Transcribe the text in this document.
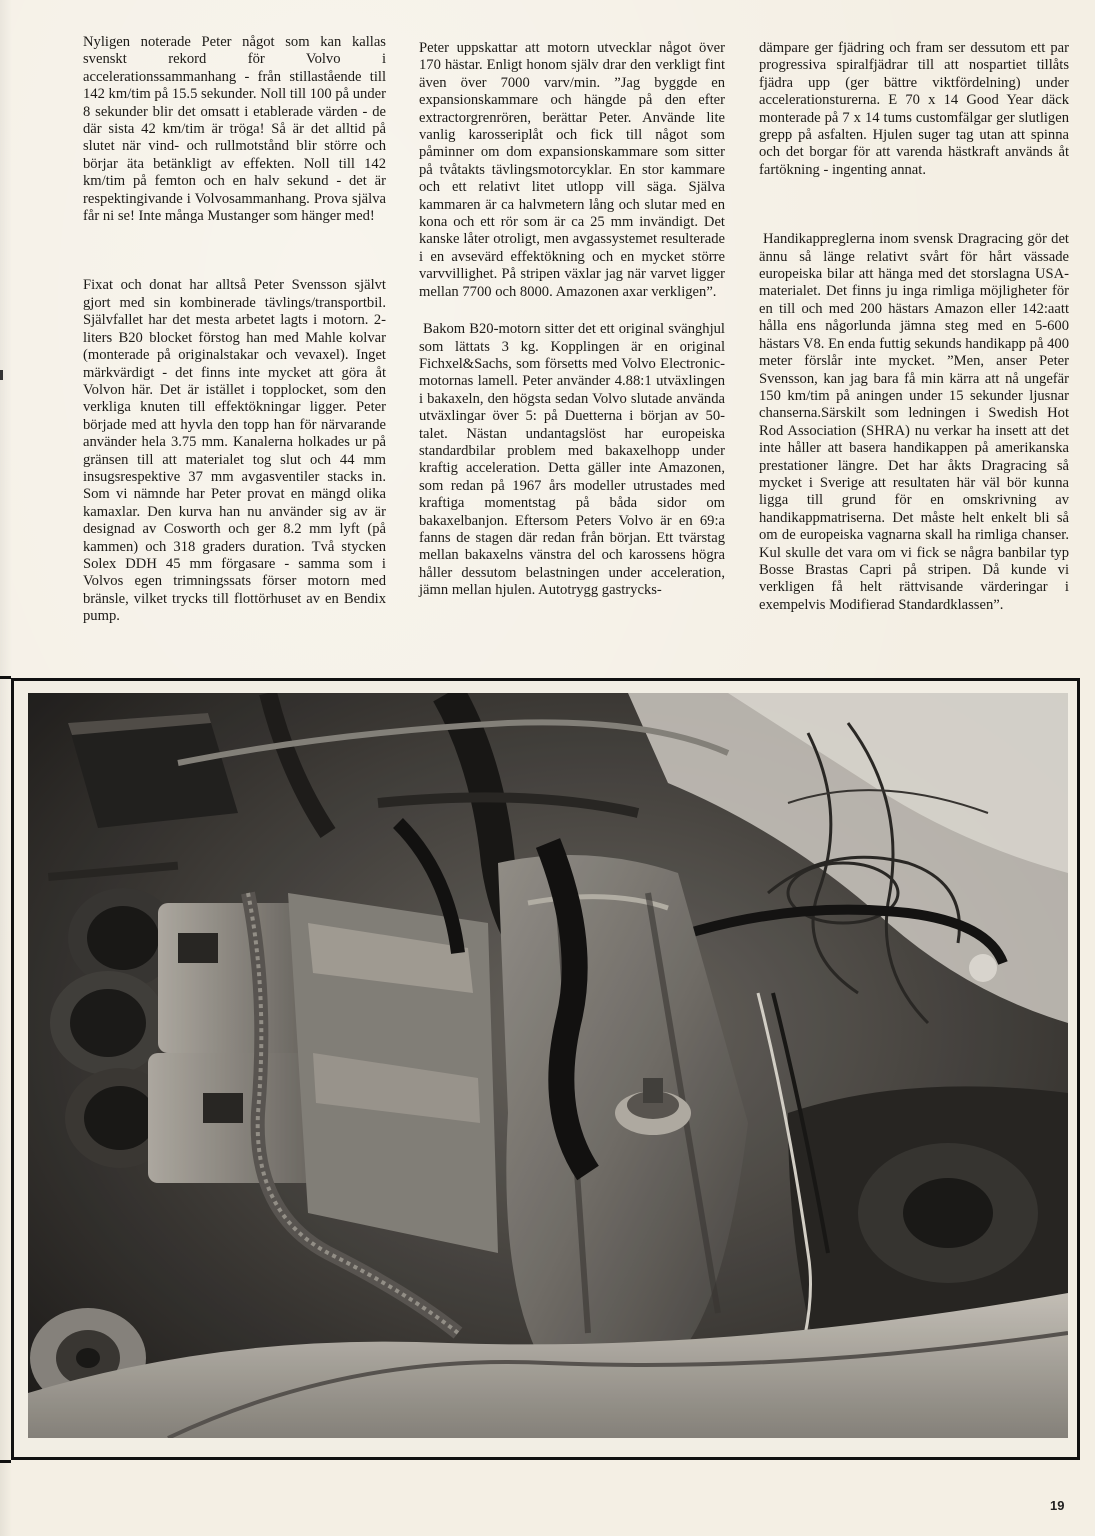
Nyligen noterade Peter något som kan kallas svenskt rekord för Volvo i accelerationssammanhang - från stillastående till 142 km/tim på 15.5 sekunder. Noll till 100 på under 8 sekunder blir det omsatt i etablerade värden - de där sista 42 km/tim är tröga! Så är det alltid på slutet när vind- och rullmotstånd blir större och börjar äta betänkligt av effekten. Noll till 142 km/tim på femton och en halv sekund - det är respektingivande i Volvosammanhang. Prova själva får ni se! Inte många Mustanger som hänger med!

Fixat och donat har alltså Peter Svensson självt gjort med sin kombinerade tävlings/transportbil. Självfallet har det mesta arbetet lagts i motorn. 2-liters B20 blocket förstog han med Mahle kolvar (monterade på originalstakar och vevaxel). Inget märkvärdigt - det finns inte mycket att göra åt Volvon här. Det är istället i topplocket, som den verkliga knuten till effektökningar ligger. Peter började med att hyvla den topp han för närvarande använder hela 3.75 mm. Kanalerna holkades ur på gränsen till att materialet tog slut och 44 mm insugsrespektive 37 mm avgasventiler stacks in. Som vi nämnde har Peter provat en mängd olika kamaxlar. Den kurva han nu använder sig av är designad av Cosworth och ger 8.2 mm lyft (på kammen) och 318 graders duration. Två stycken Solex DDH 45 mm förgasare - samma som i Volvos egen trimningssats förser motorn med bränsle, vilket trycks till flottörhuset av en Bendix pump.

Peter uppskattar att motorn utvecklar något över 170 hästar. Enligt honom själv drar den verkligt fint även över 7000 varv/min. ”Jag byggde en expansionskammare och hängde på den efter extractorgrenrören, berättar Peter. Använde lite vanlig karosseriplåt och fick till något som påminner om dom expansionskammare som sitter på tvåtakts tävlingsmotorcyklar. En stor kammare och ett relativt litet utlopp vill säga. Själva kammaren är ca halvmetern lång och slutar med en kona och ett rör som är ca 25 mm invändigt. Det kanske låter otroligt, men avgassystemet resulterade i en avsevärd effektökning och en mycket större varvvillighet. På stripen växlar jag när varvet ligger mellan 7700 och 8000. Amazonen axar verkligen”.

Bakom B20-motorn sitter det ett original svänghjul som lättats 3 kg. Kopplingen är en original Fichxel&Sachs, som försetts med Volvo Electronic-motornas lamell. Peter använder 4.88:1 utväxlingen i bakaxeln, den högsta sedan Volvo slutade använda utväxlingar över 5: på Duetterna i början av 50-talet. Nästan undantagslöst har europeiska standardbilar problem med bakaxelhopp under kraftig acceleration. Detta gäller inte Amazonen, som redan på 1967 års modeller utrustades med kraftiga momentstag på båda sidor om bakaxelbanjon. Eftersom Peters Volvo är en 69:a fanns de stagen där redan från början. Ett tvärstag mellan bakaxelns vänstra del och karossens högra håller dessutom belastningen under acceleration, jämn mellan hjulen. Autotrygg gastrycks-

dämpare ger fjädring och fram ser dessutom ett par progressiva spiralfjädrar till att nospartiet tillåts fjädra upp (ger bättre viktfördelning) under accelerationsturerna. E 70 x 14 Good Year däck monterade på 7 x 14 tums customfälgar ger slutligen grepp på asfalten. Hjulen suger tag utan att spinna och det borgar för att varenda hästkraft används åt fartökning - ingenting annat.

Handikappreglerna inom svensk Dragracing gör det ännu så länge relativt svårt för hårt vässade europeiska bilar att hänga med det storslagna USA-materialet. Det finns ju inga rimliga möjligheter för en till och med 200 hästars Amazon eller 142:aatt hålla ens någorlunda jämna steg med en 5-600 hästars V8. En enda futtig sekunds handikapp på 400 meter förslår inte mycket. ”Men, anser Peter Svensson, kan jag bara få min kärra att nå ungefär 150 km/tim på aningen under 15 sekunder ljusnar chanserna.Särskilt som ledningen i Swedish Hot Rod Association (SHRA) nu verkar ha insett att det inte håller att basera handikappen på amerikanska prestationer längre. Det har åkts Dragracing så mycket i Sverige att resultaten här väl bör kunna ligga till grund för en omskrivning av handikappmatriserna. Det måste helt enkelt bli så om de europeiska vagnarna skall ha rimliga chanser. Kul skulle det vara om vi fick se några banbilar typ Bosse Brastas Capri på stripen. Då kunde vi verkligen få helt rättvisande värderingar i exempelvis Modifierad Standardklassen”.

19
